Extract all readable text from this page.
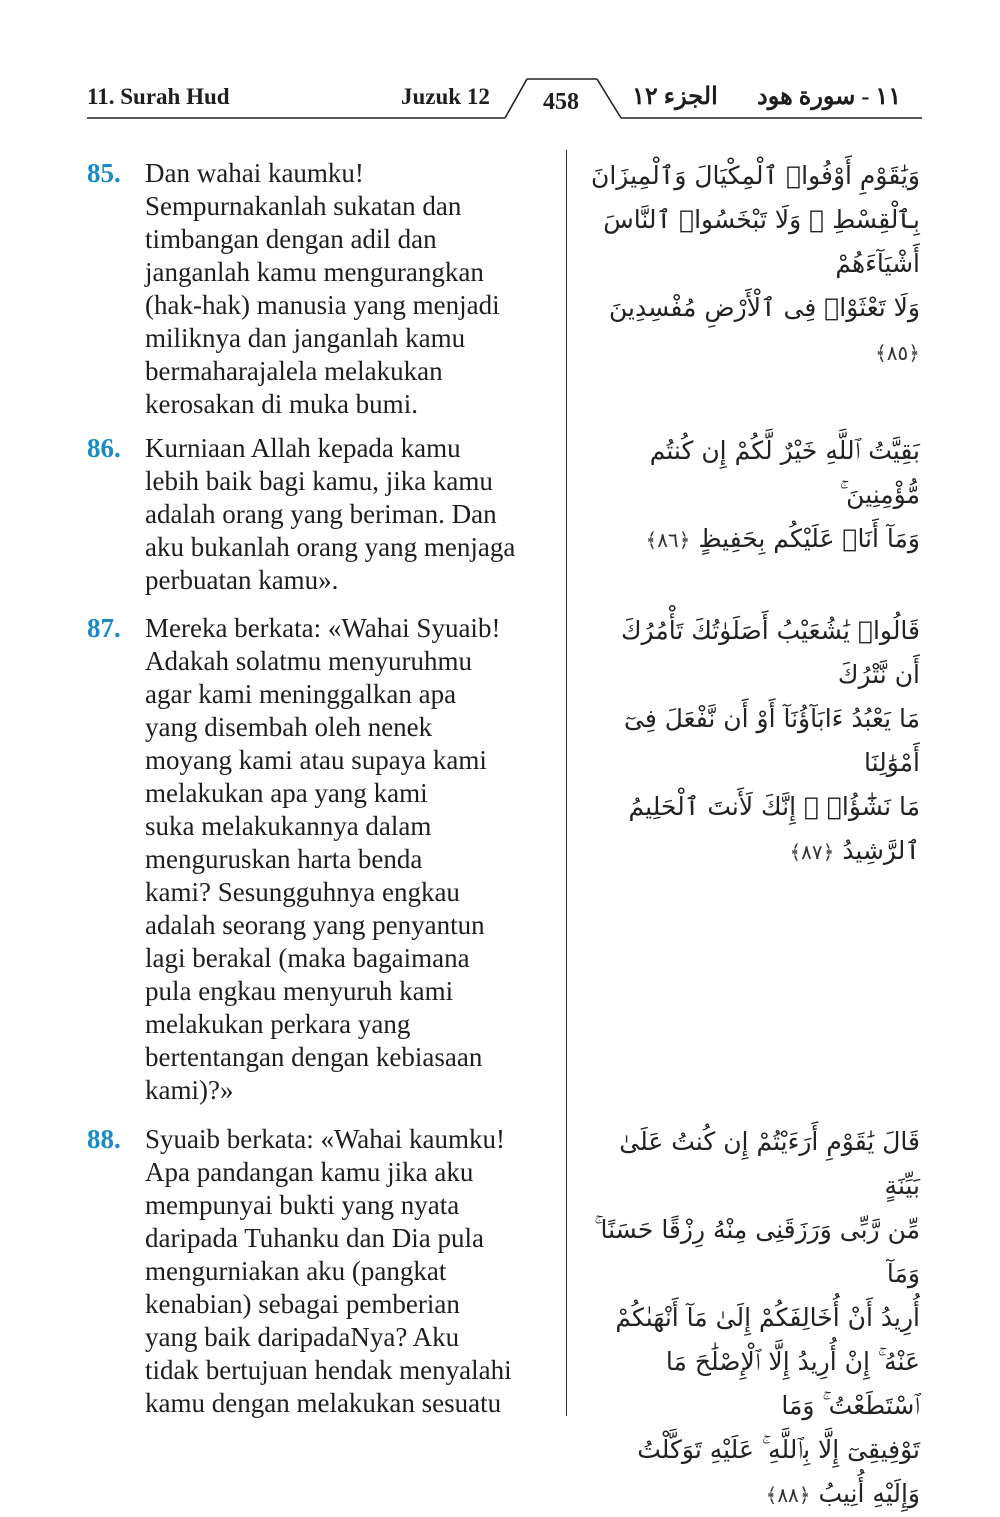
11. Surah Hud	Juzuk 12 458 الجزء ١٢ ١١ - سورة هود
85. Dan wahai kaumku!
Sempurnakanlah sukatan dan
timbangan dengan adil dan
janganlah kamu mengurangkan
(hak-hak) manusia yang menjadi
miliknya dan janganlah kamu
bermaharajalela melakukan
kerosakan di muka bumi.

وَيَٰقَوْمِ أَوْفُوا۟ ٱلْمِكْيَالَ وَٱلْمِيزَانَ
بِٱلْقِسْطِ ۖ وَلَا تَبْخَسُوا۟ ٱلنَّاسَ أَشْيَآءَهُمْ
وَلَا تَعْثَوْا۟ فِى ٱلْأَرْضِ مُفْسِدِينَ ﴿٨٥﴾

86. Kurniaan Allah kepada kamu
lebih baik bagi kamu, jika kamu
adalah orang yang beriman. Dan
aku bukanlah orang yang menjaga
perbuatan kamu».

بَقِيَّتُ ٱللَّهِ خَيْرٌ لَّكُمْ إِن كُنتُم مُّؤْمِنِينَ ۚ
وَمَآ أَنَا۠ عَلَيْكُم بِحَفِيظٍ ﴿٨٦﴾

87. Mereka berkata: «Wahai Syuaib!
Adakah solatmu menyuruhmu
agar kami meninggalkan apa
yang disembah oleh nenek
moyang kami atau supaya kami
melakukan apa yang kami
suka melakukannya dalam
menguruskan harta benda
kami? Sesungguhnya engkau
adalah seorang yang penyantun
lagi berakal (maka bagaimana
pula engkau menyuruh kami
melakukan perkara yang
bertentangan dengan kebiasaan
kami)?»

قَالُوا۟ يَٰشُعَيْبُ أَصَلَوٰتُكَ تَأْمُرُكَ أَن نَّتْرُكَ
مَا يَعْبُدُ ءَابَآؤُنَآ أَوْ أَن نَّفْعَلَ فِىٓ أَمْوَٰلِنَا
مَا نَشَٰٓؤُا۟ ۖ إِنَّكَ لَأَنتَ ٱلْحَلِيمُ ٱلرَّشِيدُ ﴿٨٧﴾

88. Syuaib berkata: «Wahai kaumku!
Apa pandangan kamu jika aku
mempunyai bukti yang nyata
daripada Tuhanku dan Dia pula
mengurniakan aku (pangkat
kenabian) sebagai pemberian
yang baik daripadaNya? Aku
tidak bertujuan hendak menyalahi
kamu dengan melakukan sesuatu

قَالَ يَٰقَوْمِ أَرَءَيْتُمْ إِن كُنتُ عَلَىٰ بَيِّنَةٍ
مِّن رَّبِّى وَرَزَقَنِى مِنْهُ رِزْقًا حَسَنًا ۚ وَمَآ
أُرِيدُ أَنْ أُخَالِفَكُمْ إِلَىٰ مَآ أَنْهَىٰكُمْ
عَنْهُ ۚ إِنْ أُرِيدُ إِلَّا ٱلْإِصْلَٰحَ مَا ٱسْتَطَعْتُ ۚ وَمَا
تَوْفِيقِىٓ إِلَّا بِٱللَّهِ ۚ عَلَيْهِ تَوَكَّلْتُ وَإِلَيْهِ أُنِيبُ ﴿٨٨﴾
